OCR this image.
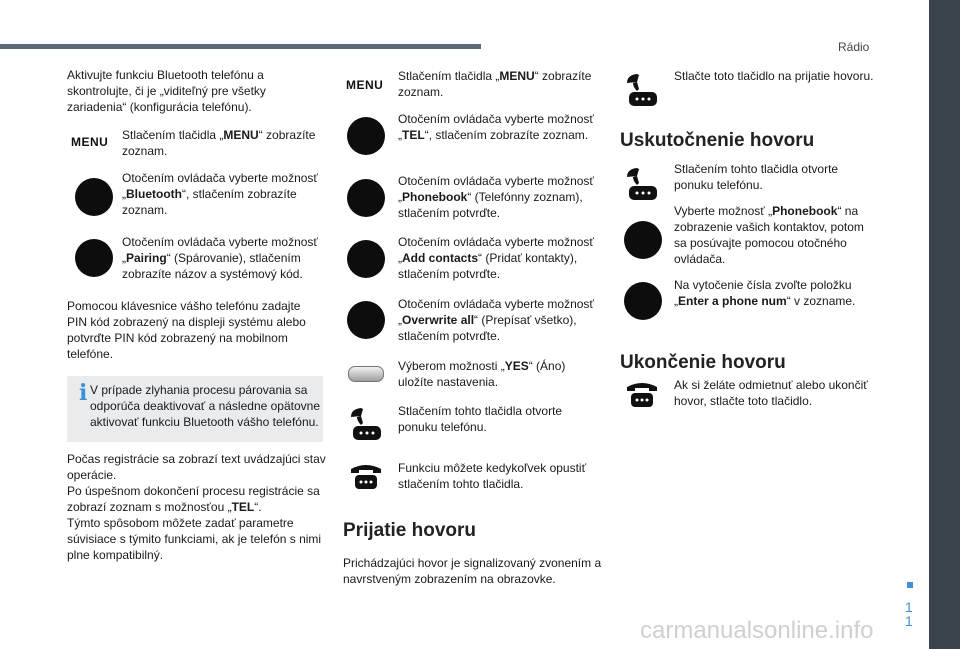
Rádio
1
1
carmanualsonline.info

Aktivujte funkciu Bluetooth telefónu a skontrolujte, či je „viditeľný pre všetky zariadenia“ (konfigurácia telefónu).

MENU Stlačením tlačidla „MENU“ zobrazíte zoznam.

Otočením ovládača vyberte možnosť „Bluetooth“, stlačením zobrazíte zoznam.

Otočením ovládača vyberte možnosť „Pairing“ (Spárovanie), stlačením zobrazíte názov a systémový kód.

Pomocou klávesnice vášho telefónu zadajte PIN kód zobrazený na displeji systému alebo potvrďte PIN kód zobrazený na mobilnom telefóne.

i V prípade zlyhania procesu párovania sa odporúča deaktivovať a následne opätovne aktivovať funkciu Bluetooth vášho telefónu.

Počas registrácie sa zobrazí text uvádzajúci stav operácie.
Po úspešnom dokončení procesu registrácie sa zobrazí zoznam s možnosťou „TEL“.
Týmto spôsobom môžete zadať parametre súvisiace s týmito funkciami, ak je telefón s nimi plne kompatibilný.

MENU

Stlačením tlačidla „MENU“ zobrazíte zoznam.

Otočením ovládača vyberte možnosť „TEL“, stlačením zobrazíte zoznam.

Otočením ovládača vyberte možnosť „Phonebook“ (Telefónny zoznam), stlačením potvrďte.

Otočením ovládača vyberte možnosť „Add contacts“ (Pridať kontakty), stlačením potvrďte.

Otočením ovládača vyberte možnosť „Overwrite all“ (Prepísať všetko), stlačením potvrďte.

Výberom možnosti „YES“ (Áno) uložíte nastavenia.

Stlačením tohto tlačidla otvorte ponuku telefónu.

Funkciu môžete kedykoľvek opustiť stlačením tohto tlačidla.

Prijatie hovoru

Prichádzajúci hovor je signalizovaný zvonením a navrstveným zobrazením na obrazovke.

Stlačte toto tlačidlo na prijatie hovoru.

Uskutočnenie hovoru

Stlačením tohto tlačidla otvorte ponuku telefónu.

Vyberte možnosť „Phonebook“ na zobrazenie vašich kontaktov, potom sa posúvajte pomocou otočného ovládača.

Na vytočenie čísla zvoľte položku „Enter a phone num“ v zozname.

Ukončenie hovoru

Ak si želáte odmietnuť alebo ukončiť hovor, stlačte toto tlačidlo.
